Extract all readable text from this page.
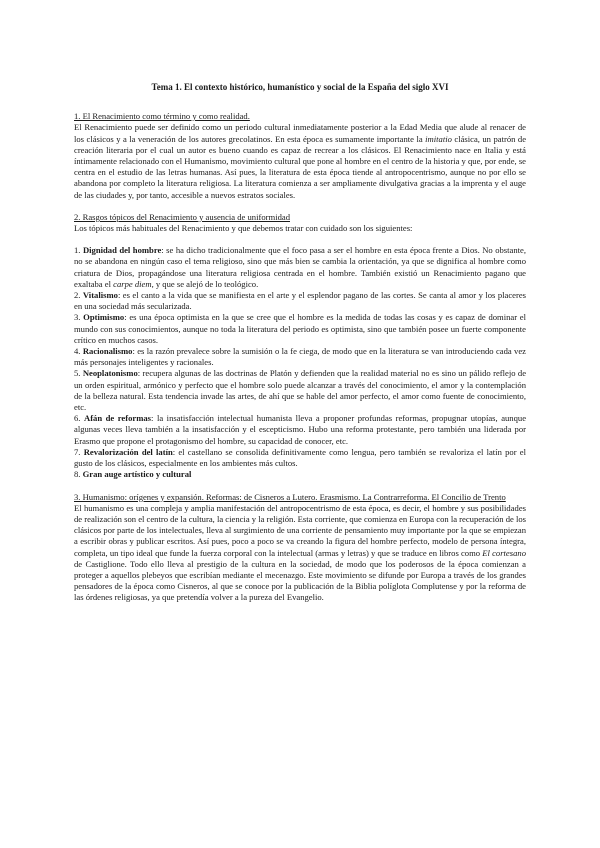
Tema 1. El contexto histórico, humanístico y social de la España del siglo XVI

1. El Renacimiento como término y como realidad.

El Renacimiento puede ser definido como un periodo cultural inmediatamente posterior a la Edad Media que alude al renacer de los clásicos y a la veneración de los autores grecolatinos. En esta época es sumamente importante la imitatio clásica, un patrón de creación literaria por el cual un autor es bueno cuando es capaz de recrear a los clásicos. El Renacimiento nace en Italia y está íntimamente relacionado con el Humanismo, movimiento cultural que pone al hombre en el centro de la historia y que, por ende, se centra en el estudio de las letras humanas. Así pues, la literatura de esta época tiende al antropocentrismo, aunque no por ello se abandona por completo la literatura religiosa. La literatura comienza a ser ampliamente divulgativa gracias a la imprenta y el auge de las ciudades y, por tanto, accesible a nuevos estratos sociales.

2. Rasgos tópicos del Renacimiento y ausencia de uniformidad

Los tópicos más habituales del Renacimiento y que debemos tratar con cuidado son los siguientes:

1. Dignidad del hombre: se ha dicho tradicionalmente que el foco pasa a ser el hombre en esta época frente a Dios. No obstante, no se abandona en ningún caso el tema religioso, sino que más bien se cambia la orientación, ya que se dignifica al hombre como criatura de Dios, propagándose una literatura religiosa centrada en el hombre. También existió un Renacimiento pagano que exaltaba el carpe diem, y que se alejó de lo teológico.

2. Vitalismo: es el canto a la vida que se manifiesta en el arte y el esplendor pagano de las cortes. Se canta al amor y los placeres en una sociedad más secularizada.

3. Optimismo: es una época optimista en la que se cree que el hombre es la medida de todas las cosas y es capaz de dominar el mundo con sus conocimientos, aunque no toda la literatura del periodo es optimista, sino que también posee un fuerte componente crítico en muchos casos.

4. Racionalismo: es la razón prevalece sobre la sumisión o la fe ciega, de modo que en la literatura se van introduciendo cada vez más personajes inteligentes y racionales.

5. Neoplatonismo: recupera algunas de las doctrinas de Platón y defienden que la realidad material no es sino un pálido reflejo de un orden espiritual, armónico y perfecto que el hombre solo puede alcanzar a través del conocimiento, el amor y la contemplación de la belleza natural. Esta tendencia invade las artes, de ahí que se hable del amor perfecto, el amor como fuente de conocimiento, etc.

6. Afán de reformas: la insatisfacción intelectual humanista lleva a proponer profundas reformas, propugnar utopías, aunque algunas veces lleva también a la insatisfacción y el escepticismo. Hubo una reforma protestante, pero también una liderada por Erasmo que propone el protagonismo del hombre, su capacidad de conocer, etc.

7. Revalorización del latín: el castellano se consolida definitivamente como lengua, pero también se revaloriza el latín por el gusto de los clásicos, especialmente en los ambientes más cultos.

8. Gran auge artístico y cultural

3. Humanismo: orígenes y expansión. Reformas: de Cisneros a Lutero. Erasmismo. La Contrarreforma. El Concilio de Trento

El humanismo es una compleja y amplia manifestación del antropocentrismo de esta época, es decir, el hombre y sus posibilidades de realización son el centro de la cultura, la ciencia y la religión. Esta corriente, que comienza en Europa con la recuperación de los clásicos por parte de los intelectuales, lleva al surgimiento de una corriente de pensamiento muy importante por la que se empiezan a escribir obras y publicar escritos. Así pues, poco a poco se va creando la figura del hombre perfecto, modelo de persona íntegra, completa, un tipo ideal que funde la fuerza corporal con la intelectual (armas y letras) y que se traduce en libros como El cortesano de Castiglione. Todo ello lleva al prestigio de la cultura en la sociedad, de modo que los poderosos de la época comienzan a proteger a aquellos plebeyos que escribían mediante el mecenazgo. Este movimiento se difunde por Europa a través de los grandes pensadores de la época como Cisneros, al que se conoce por la publicación de la Biblia políglota Complutense y por la reforma de las órdenes religiosas, ya que pretendía volver a la pureza del Evangelio.
